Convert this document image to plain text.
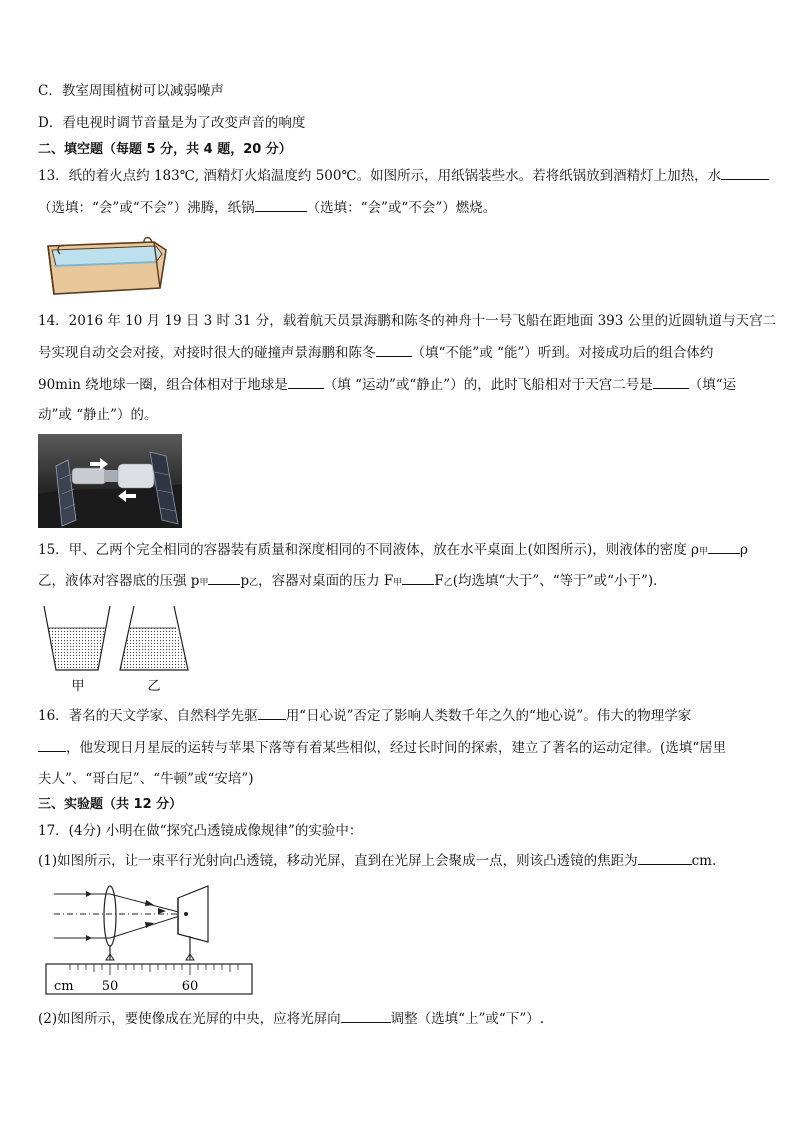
C．教室周围植树可以减弱噪声
D．看电视时调节音量是为了改变声音的响度
二、填空题（每题 5 分，共 4 题，20 分）
13．纸的着火点约 183℃, 酒精灯火焰温度约 500℃。如图所示，用纸锅装些水。若将纸锅放到酒精灯上加热，水
（选填：“会”或“不会”）沸腾，纸锅	（选填：“会”或“不会”）燃烧。
14．2016 年 10 月 19 日 3 时 31 分，载着航天员景海鹏和陈冬的神舟十一号飞船在距地面 393 公里的近圆轨道与天宫二
号实现自动交会对接，对接时很大的碰撞声景海鹏和陈冬	（填“不能”或 “能”）听到。对接成功后的组合体约
90min 绕地球一圈，组合体相对于地球是	（填 “运动”或“静止”）的，此时飞船相对于天宫二号是	（填“运
动”或 “静止”）的。
15．甲、乙两个完全相同的容器装有质量和深度相同的不同液体，放在水平桌面上(如图所示)，则液体的密度 ρ甲 ρ
乙，液体对容器底的压强 p甲 p乙，容器对桌面的压力 F甲 F乙(均选填“大于”、“等于”或“小于”)．
甲	乙
16．著名的天文学家、自然科学先驱 用“日心说”否定了影响人类数千年之久的“地心说”。伟大的物理学家
，他发现日月星辰的运转与苹果下落等有着某些相似，经过长时间的探索，建立了著名的运动定律。(选填“居里
夫人”、“哥白尼”、“牛顿”或“安培”)
三、实验题（共 12 分）
17．(4分) 小明在做“探究凸透镜成像规律”的实验中：
(1)如图所示，让一束平行光射向凸透镜，移动光屏，直到在光屏上会聚成一点，则该凸透镜的焦距为	cm.
cm 50	60
(2)如图所示，要使像成在光屏的中央，应将光屏向	调整（选填“上”或“下”）.
